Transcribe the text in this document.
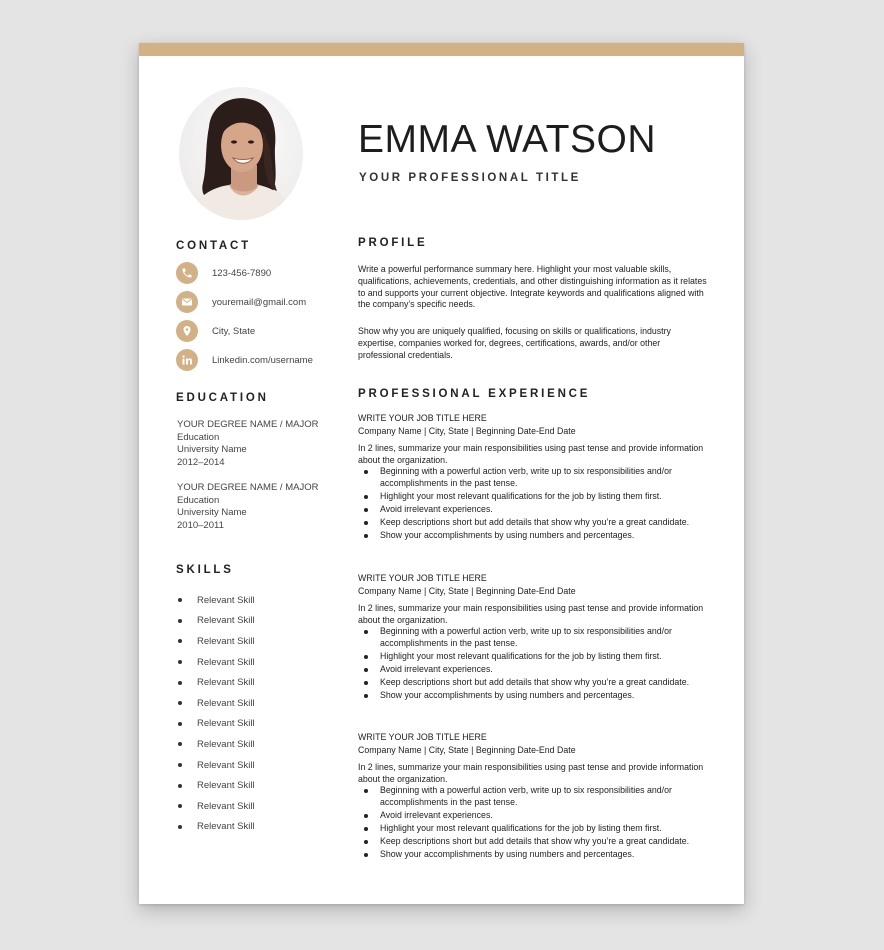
EMMA WATSON
YOUR PROFESSIONAL TITLE
CONTACT
123-456-7890
youremail@gmail.com
City, State
Linkedin.com/username
EDUCATION
YOUR DEGREE NAME / MAJOR
Education
University Name
2012–2014
YOUR DEGREE NAME / MAJOR
Education
University Name
2010–2011
SKILLS
Relevant Skill
Relevant Skill
Relevant Skill
Relevant Skill
Relevant Skill
Relevant Skill
Relevant Skill
Relevant Skill
Relevant Skill
Relevant Skill
Relevant Skill
Relevant Skill
PROFILE
Write a powerful performance summary here. Highlight your most valuable skills, qualifications, achievements, credentials, and other distinguishing information as it relates to and supports your current objective. Integrate keywords and qualifications aligned with the company’s specific needs.
Show why you are uniquely qualified, focusing on skills or qualifications, industry expertise, companies worked for, degrees, certifications, awards, and/or other professional credentials.
PROFESSIONAL EXPERIENCE
WRITE YOUR JOB TITLE HERE
Company Name | City, State | Beginning Date-End Date
In 2 lines, summarize your main responsibilities using past tense and provide information about the organization.
Beginning with a powerful action verb, write up to six responsibilities and/or accomplishments in the past tense.
Highlight your most relevant qualifications for the job by listing them first.
Avoid irrelevant experiences.
Keep descriptions short but add details that show why you’re a great candidate.
Show your accomplishments by using numbers and percentages.
WRITE YOUR JOB TITLE HERE
Company Name | City, State | Beginning Date-End Date
In 2 lines, summarize your main responsibilities using past tense and provide information about the organization.
Beginning with a powerful action verb, write up to six responsibilities and/or accomplishments in the past tense.
Highlight your most relevant qualifications for the job by listing them first.
Avoid irrelevant experiences.
Keep descriptions short but add details that show why you’re a great candidate.
Show your accomplishments by using numbers and percentages.
WRITE YOUR JOB TITLE HERE
Company Name | City, State | Beginning Date-End Date
In 2 lines, summarize your main responsibilities using past tense and provide information about the organization.
Beginning with a powerful action verb, write up to six responsibilities and/or accomplishments in the past tense.
Avoid irrelevant experiences.
Highlight your most relevant qualifications for the job by listing them first.
Keep descriptions short but add details that show why you’re a great candidate.
Show your accomplishments by using numbers and percentages.
